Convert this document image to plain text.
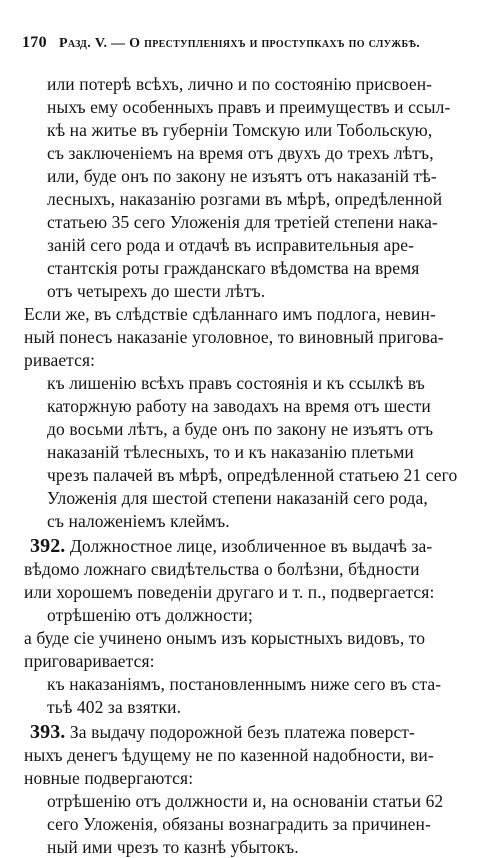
170 Разд. V. — О преступленіяхъ и проступкахъ по службѣ.
или потерѣ всѣхъ, лично и по состоянію присвоен-
ныхъ ему особенныхъ правъ и преимуществъ и ссыл-
кѣ на житье въ губерніи Томскую или Тобольскую,
съ заключеніемъ на время отъ двухъ до трехъ лѣтъ,
или, буде онъ по закону не изъятъ отъ наказаній тѣ-
лесныхъ, наказанію розгами въ мѣрѣ, опредѣленной
статьею 35 сего Уложенія для третіей степени нака-
заній сего рода и отдачѣ въ исправительныя аре-
стантскія роты гражданскаго вѣдомства на время
отъ четырехъ до шести лѣтъ.
Если же, въ слѣдствіе сдѣланнаго имъ подлога, невин-
ный понесъ наказаніе уголовное, то виновный пригова-
ривается:
къ лишенію всѣхъ правъ состоянія и къ ссылкѣ въ
каторжную работу на заводахъ на время отъ шести
до восьми лѣтъ, а буде онъ по закону не изъятъ отъ
наказаній тѣлесныхъ, то и къ наказанію плетьми
чрезъ палачей въ мѣрѣ, опредѣленной статьею 21 сего
Уложенія для шестой степени наказаній сего рода,
съ наложеніемъ клеймъ.
392. Должностное лице, изобличенное въ выдачѣ за-
вѣдомо ложнаго свидѣтельства о болѣзни, бѣдности
или хорошемъ поведеніи другаго и т. п., подвергается:
отрѣшенію отъ должности;
а буде сіе учинено онымъ изъ корыстныхъ видовъ, то
приговаривается:
къ наказаніямъ, постановленнымъ ниже сего въ ста-
тьѣ 402 за взятки.
393. За выдачу подорожной безъ платежа поверст-
ныхъ денегъ ѣдущему не по казенной надобности, ви-
новные подвергаются:
отрѣшенію отъ должности и, на основаніи статьи 62
сего Уложенія, обязаны вознаградить за причинен-
ный ими чрезъ то казнѣ убытокъ.
